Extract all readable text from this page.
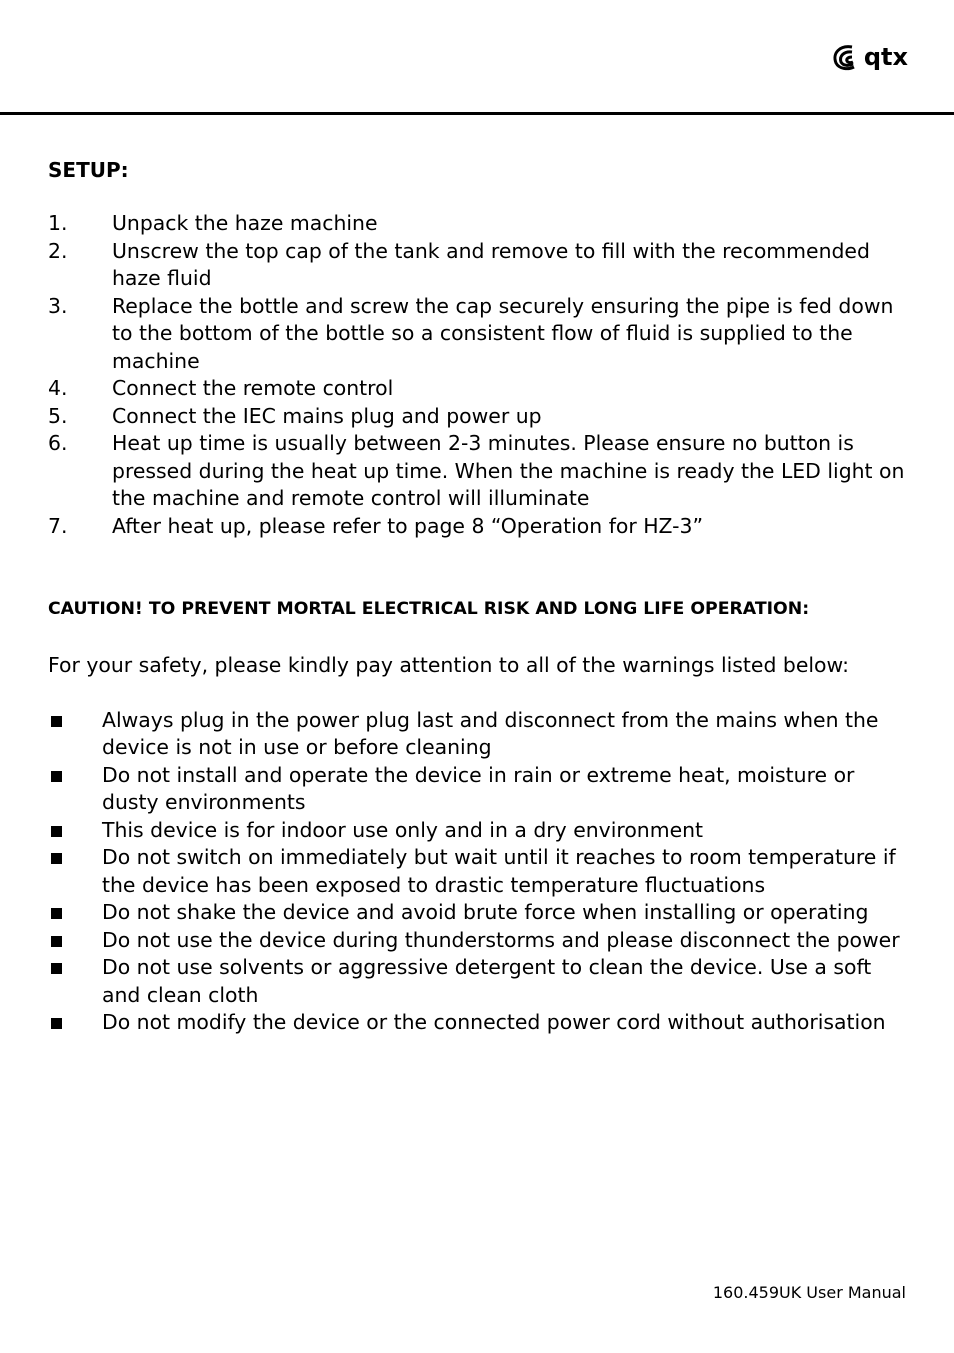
qtx
SETUP:
1. Unpack the haze machine
2. Unscrew the top cap of the tank and remove to fill with the recommended haze fluid
3. Replace the bottle and screw the cap securely ensuring the pipe is fed down to the bottom of the bottle so a consistent flow of fluid is supplied to the machine
4. Connect the remote control
5. Connect the IEC mains plug and power up
6. Heat up time is usually between 2-3 minutes. Please ensure no button is pressed during the heat up time. When the machine is ready the LED light on the machine and remote control will illuminate
7. After heat up, please refer to page 8 “Operation for HZ-3”
CAUTION! TO PREVENT MORTAL ELECTRICAL RISK AND LONG LIFE OPERATION:

For your safety, please kindly pay attention to all of the warnings listed below:

Always plug in the power plug last and disconnect from the mains when the device is not in use or before cleaning
Do not install and operate the device in rain or extreme heat, moisture or dusty environments
This device is for indoor use only and in a dry environment
Do not switch on immediately but wait until it reaches to room temperature if the device has been exposed to drastic temperature fluctuations
Do not shake the device and avoid brute force when installing or operating
Do not use the device during thunderstorms and please disconnect the power
Do not use solvents or aggressive detergent to clean the device. Use a soft and clean cloth
Do not modify the device or the connected power cord without authorisation
160.459UK User Manual
